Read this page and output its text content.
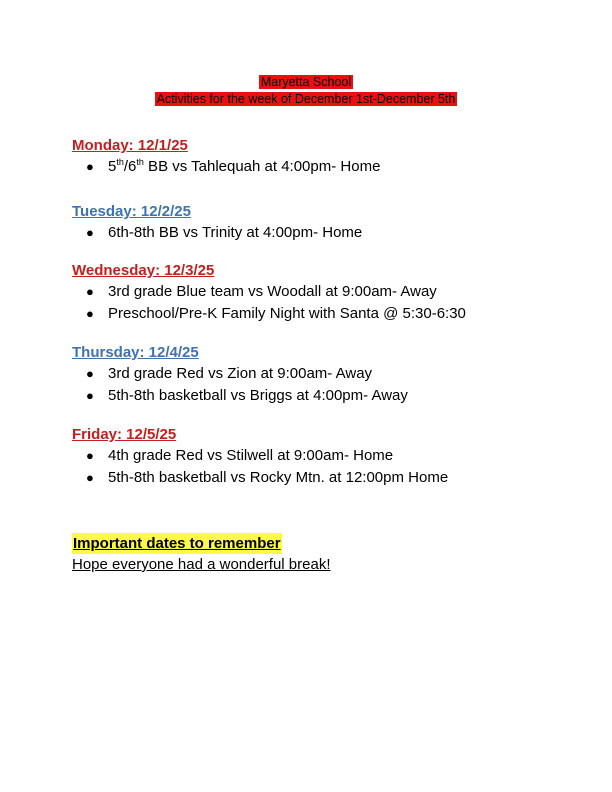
Maryetta School
Activities for the week of December 1st-December 5th

Monday: 12/1/25

● 5th/6th BB vs Tahlequah at 4:00pm- Home

Tuesday: 12/2/25

● 6th-8th BB vs Trinity at 4:00pm- Home

Wednesday: 12/3/25

● 3rd grade Blue team vs Woodall at 9:00am- Away
● Preschool/Pre-K Family Night with Santa @ 5:30-6:30

Thursday: 12/4/25

● 3rd grade Red vs Zion at 9:00am- Away
● 5th-8th basketball vs Briggs at 4:00pm- Away

Friday: 12/5/25

● 4th grade Red vs Stilwell at 9:00am- Home
● 5th-8th basketball vs Rocky Mtn. at 12:00pm Home
Important dates to remember
Hope everyone had a wonderful break!
